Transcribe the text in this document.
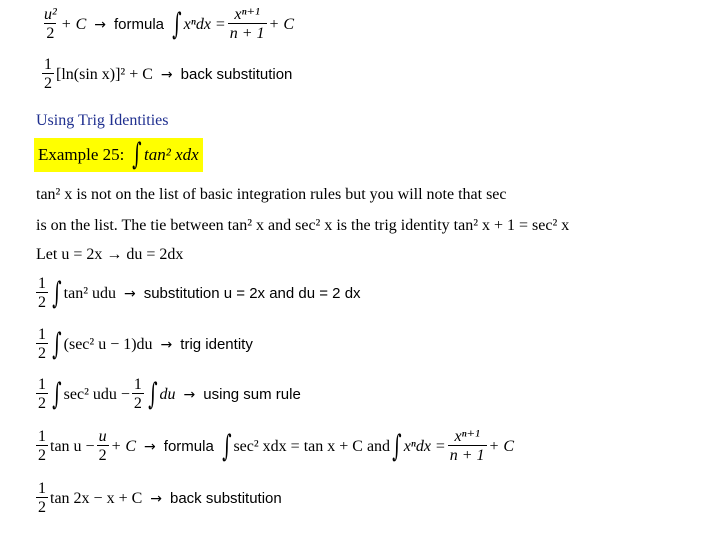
$\frac{\text{u²}}{2} + C$ → formula ∫ $x^ndx = \frac{\text{xⁿ⁺¹}}{n + 1} + C$
$\frac{1}{2} [\ln(\sin$ x)]² + C → back substitution
Using Trig Identities
Example 25: ∫ tan² xdx
tan² x is not on the list of basic integration rules but you will note that sec
is on the list. The tie between tan² x and sec² x is the trig identity tan² x + 1 = sec² x
Let u = 2x → du = 2dx
$\frac{1}{2}$ ∫ tan² udu → substitution u = 2x and du = 2 dx
$\frac{1}{2}$ ∫ (sec² u − 1)du → trig identity
$\frac{1}{2}$ ∫ sec² udu − $\frac{1}{2}$ ∫ du → using sum rule
$\frac{1}{2}$ $\tan u - \frac{u}{2} + C$ → formula ∫ sec² xdx = tan x + C and ∫ $x^ndx = \frac{\text{xⁿ⁺¹}}{n + 1} + C$
$\frac{1}{2}$ tan 2x − x + C → back substitution
